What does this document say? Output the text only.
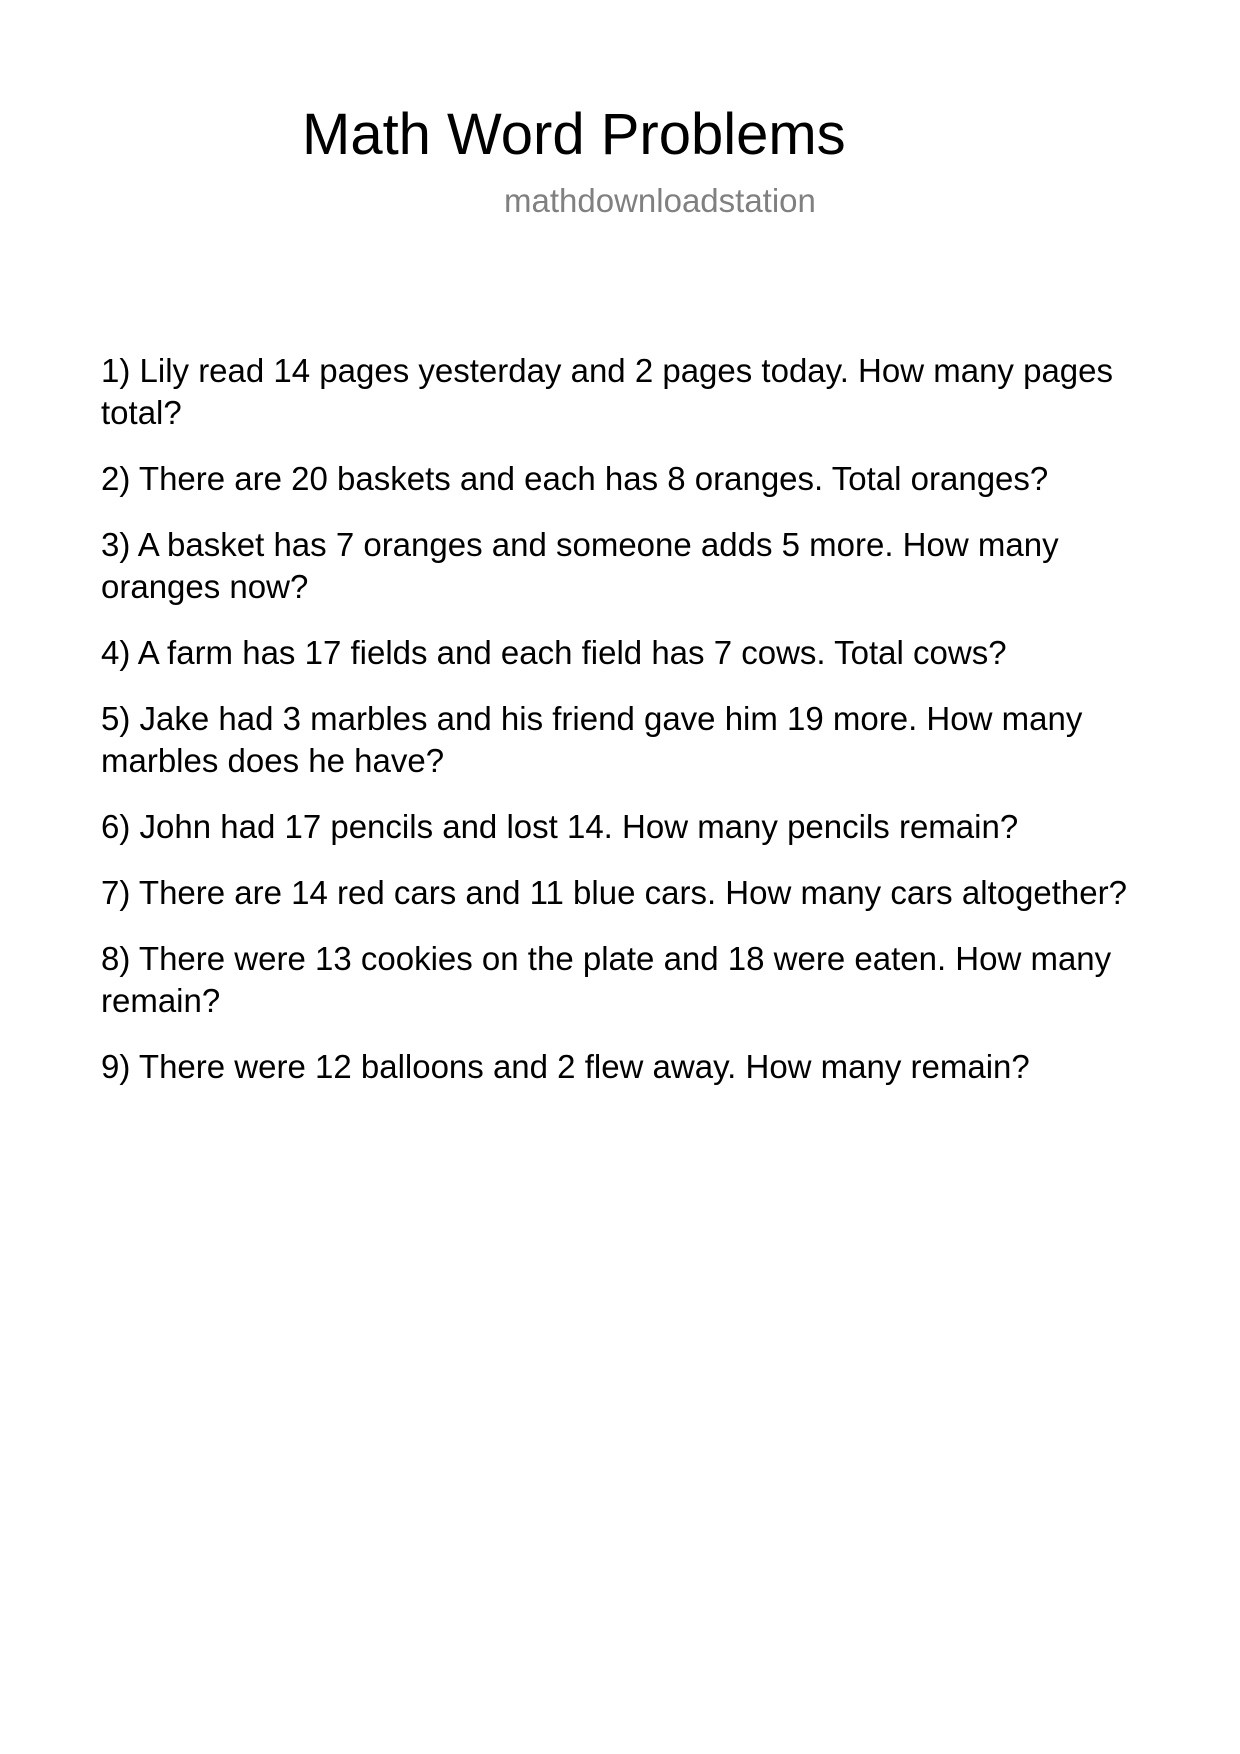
Math Word Problems
mathdownloadstation
1) Lily read 14 pages yesterday and 2 pages today. How many pages total?
2) There are 20 baskets and each has 8 oranges. Total oranges?
3) A basket has 7 oranges and someone adds 5 more. How many oranges now?
4) A farm has 17 fields and each field has 7 cows. Total cows?
5) Jake had 3 marbles and his friend gave him 19 more. How many marbles does he have?
6) John had 17 pencils and lost 14. How many pencils remain?
7) There are 14 red cars and 11 blue cars. How many cars altogether?
8) There were 13 cookies on the plate and 18 were eaten. How many remain?
9) There were 12 balloons and 2 flew away. How many remain?
